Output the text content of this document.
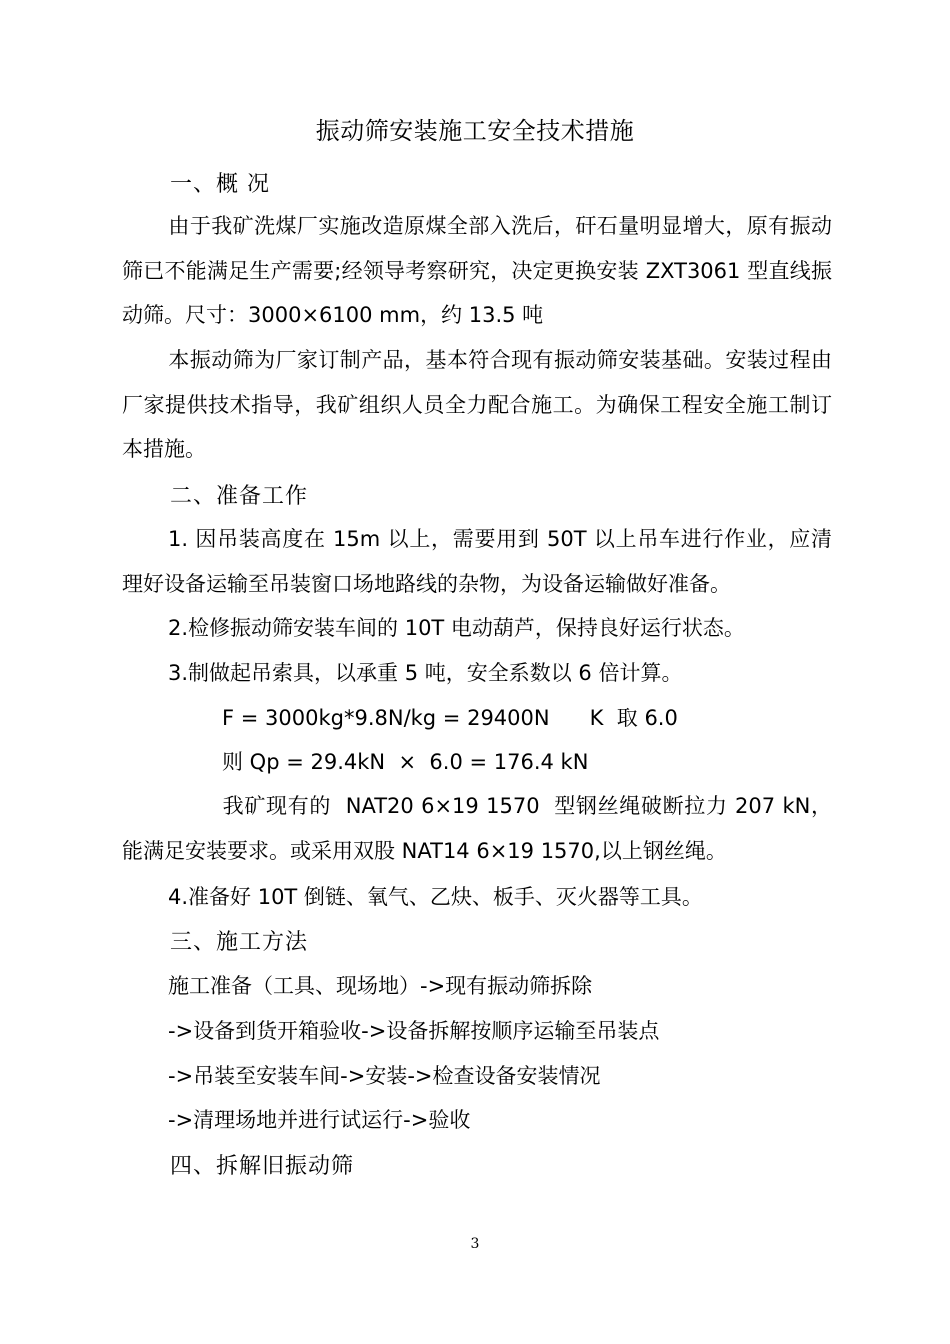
振动筛安装施工安全技术措施
一、概 况
由于我矿洗煤厂实施改造原煤全部入洗后，矸石量明显增大，原有振动筛已不能满足生产需要;经领导考察研究，决定更换安装 ZXT3061 型直线振动筛。尺寸：3000×6100 mm，约 13.5 吨
本振动筛为厂家订制产品，基本符合现有振动筛安装基础。安装过程由厂家提供技术指导，我矿组织人员全力配合施工。为确保工程安全施工制订本措施。
二、准备工作
1. 因吊装高度在 15m 以上，需要用到 50T 以上吊车进行作业，应清理好设备运输至吊装窗口场地路线的杂物，为设备运输做好准备。
2.检修振动筛安装车间的 10T 电动葫芦，保持良好运行状态。
3.制做起吊索具，以承重 5 吨，安全系数以 6 倍计算。
F = 3000kg*9.8N/kg = 29400N      K  取 6.0
则 Qp = 29.4kN  ×  6.0 = 176.4 kN
我矿现有的  NAT20 6×19 1570  型钢丝绳破断拉力 207 kN，能满足安装要求。或采用双股 NAT14 6×19 1570,以上钢丝绳。
4.准备好 10T 倒链、氧气、乙炔、板手、灭火器等工具。
三、施工方法
施工准备（工具、现场地）->现有振动筛拆除
->设备到货开箱验收->设备拆解按顺序运输至吊装点
->吊装至安装车间->安装->检查设备安装情况
->清理场地并进行试运行->验收
四、拆解旧振动筛
3
